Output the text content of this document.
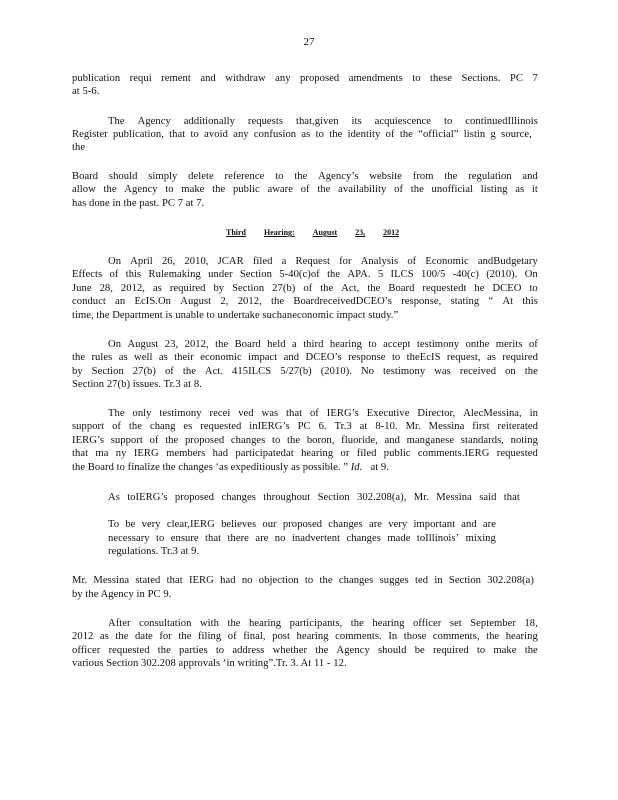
27
publication requi rement and withdraw any proposed amendments to these Sections. PC 7
at 5-6.
The Agency additionally requests that,given its acquiescence to continuedIllinois
Register publication, that to avoid any confusion as to the identity of the “official” listin g source,
the
Board should simply delete reference to the Agency’s website from the regulation and
allow the Agency to make the public aware of the availability of the unofficial listing as it
has done in the past. PC 7 at 7.
Third Hearing: August 23, 2012
On April 26, 2010, JCAR filed a Request for Analysis of Economic andBudgetary
Effects of this Rulemaking under Section 5-40(c)of the APA. 5 ILCS 100/5 -40(c) (2010). On
June 28, 2012, as required by Section 27(b) of the Act, the Board requestedt he DCEO to
conduct an EcIS.On August 2, 2012, the BoardreceivedDCEO’s response, stating “ At this
time, the Department is unable to undertake suchaneconomic impact study.”
On August 23, 2012, the Board held a third hearing to accept testimony onthe merits of
the rules as well as their economic impact and DCEO’s response to theEcIS request, as required
by Section 27(b) of the Act. 415ILCS 5/27(b) (2010). No testimony was received on the
Section 27(b) issues. Tr.3 at 8.
The only testimony recei ved was that of IERG’s Executive Director, AlecMessina, in
support of the chang es requested inIERG’s PC 6. Tr.3 at 8-10. Mr. Messina first reiterated
IERG’s support of the proposed changes to the boron, fluoride, and manganese standards, noting
that ma ny IERG members had participatedat hearing or filed public comments.IERG requested
the Board to finalize the changes ‘as expeditiously as possible. ”
Id.
at 9.
As toIERG’s proposed changes throughout Section 302.208(a), Mr. Messina said that
To be very clear,IERG believes our proposed changes are very important and are
necessary to ensure that there are no inadvertent changes made toIllinois’ mixing
regulations. Tr.3 at 9.
Mr. Messina stated that IERG had no objection to the changes sugges ted in Section 302.208(a)
by the Agency in PC 9.
After consultation with the hearing participants, the hearing officer set September 18,
2012 as the date for the filing of final, post hearing comments. In those comments, the hearing
officer requested the parties to address whether the Agency should be required to make the
various Section 302.208 approvals ‘in writing”.Tr. 3. At 11 - 12.
